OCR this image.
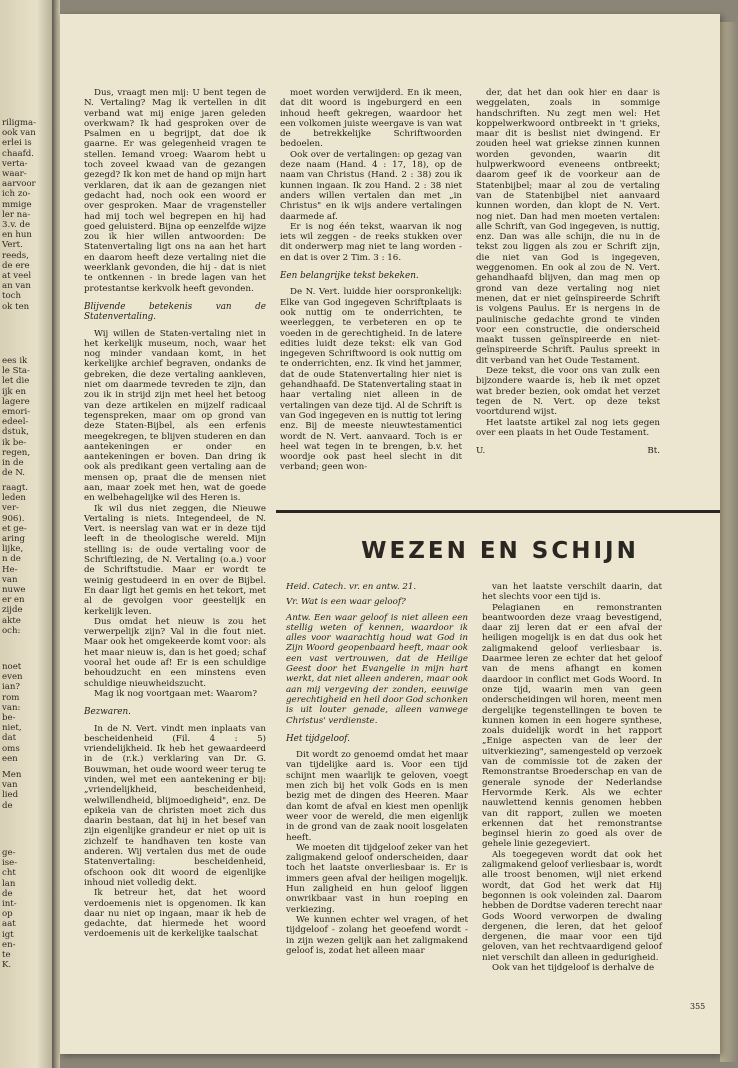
riligma-
ook van
erlei is
chaafd.
verta-
waar-
aarvoor
ich zo-
mmige
ler na-
3.v. de
en hun
Vert.
reeds,
de ere
at veel
an van
toch
ok ten
ees ik
le Sta-
let die
ijk en
lagere
emori-
edeel-
dstuk,
ik be-
regen,
in de
de N.
raagt.
leden
ver-
906).
et ge-
aring
lijke,
n de
He-
van
nuwe
er en
zijde
akte
och:
noet
even
ian?
rom
van:
be-
niet,
dat
oms
een
Men
van
lied
de
ge-
ise-
cht
lan
de
int-
op
aat
igt
en-
te
K.

Dus, vraagt men mij: U bent tegen de N. Vertaling? Mag ik vertellen in dit verband wat mij enige jaren geleden overkwam? Ik had gesproken over de Psalmen en u begrijpt, dat doe ik gaarne. Er was gelegenheid vragen te stellen. Iemand vroeg: Waarom hebt u toch zoveel kwaad van de gezangen gezegd? Ik kon met de hand op mijn hart verklaren, dat ik aan de gezangen niet gedacht had, noch ook een woord er over gesproken. Maar de vragensteller had mij toch wel begrepen en hij had goed geluisterd. Bijna op eenzelfde wijze zou ik hier willen antwoorden: De Statenvertaling ligt ons na aan het hart en daarom heeft deze vertaling niet die weerklank gevonden, die hij - dat is niet te ontkennen - in brede lagen van het protestantse kerkvolk heeft gevonden.

Blijvende betekenis van de Statenvertaling.

Wij willen de Staten-vertaling niet in het kerkelijk museum, noch, waar het nog minder vandaan komt, in het kerkelijke archief begraven, ondanks de gebreken, die deze vertaling aankleven, niet om daarmede tevreden te zijn, dan zou ik in strijd zijn met heel het betoog van deze artikelen en mijzelf radicaal tegenspreken, maar om op grond van deze Staten-Bijbel, als een erfenis meegekregen, te blijven studeren en dan aantekeningen er onder en aantekeningen er boven. Dan dring ik ook als predikant geen vertaling aan de mensen op, praat die de mensen niet aan, maar zoek met hen, wat de goede en welbehagelijke wil des Heren is.

Ik wil dus niet zeggen, die Nieuwe Vertaling is niets. Integendeel, de N. Vert. is neerslag van wat er in deze tijd leeft in de theologische wereld. Mijn stelling is: de oude vertaling voor de Schriftlezing, de N. Vertaling (o.a.) voor de Schriftstudie. Maar er wordt te weinig gestudeerd in en over de Bijbel. En daar ligt het gemis en het tekort, met al de gevolgen voor geestelijk en kerkelijk leven.

Dus omdat het nieuw is zou het verwerpelijk zijn? Val in die fout niet. Maar ook het omgekeerde komt voor: als het maar nieuw is, dan is het goed; schaf vooral het oude af! Er is een schuldige behoudzucht en een minstens even schuldige nieuwheidszucht.

Mag ik nog voortgaan met: Waarom?

Bezwaren.

In de N. Vert. vindt men inplaats van bescheidenheid (Fil. 4 : 5) vriendelijkheid. Ik heb het gewaardeerd in de (r.k.) verklaring van Dr. G. Bouwman, het oude woord weer terug te vinden, wel met een aantekening er bij: „vriendelijkheid, bescheidenheid, welwillendheid, blijmoedigheid", enz. De epikeia van de christen moet zich dus daarin bestaan, dat hij in het besef van zijn eigenlijke grandeur er niet op uit is zichzelf te handhaven ten koste van anderen. Wij vertalen dus met de oude Statenvertaling: bescheidenheid, ofschoon ook dit woord de eigenlijke inhoud niet volledig dekt.

Ik betreur het, dat het woord verdoemenis niet is opgenomen. Ik kan daar nu niet op ingaan, maar ik heb de gedachte, dat hiermede het woord verdoemenis uit de kerkelijke taalschat

moet worden verwijderd. En ik meen, dat dit woord is ingeburgerd en een inhoud heeft gekregen, waardoor het een volkomen juiste weergave is van wat de betrekkelijke Schriftwoorden bedoelen.

Ook over de vertalingen: op gezag van deze naam (Hand. 4 : 17, 18), op de naam van Christus (Hand. 2 : 38) zou ik kunnen ingaan. Ik zou Hand. 2 : 38 niet anders willen vertalen dan met „in Christus" en ik wijs andere vertalingen daarmede af.

Er is nog één tekst, waarvan ik nog iets wil zeggen - de reeks stukken over dit onderwerp mag niet te lang worden - en dat is over 2 Tim. 3 : 16.

Een belangrijke tekst bekeken.

De N. Vert. luidde hier oorspronkelijk: Elke van God ingegeven Schriftplaats is ook nuttig om te onderrichten, te weerleggen, te verbeteren en op te voeden in de gerechtigheid. In de latere edities luidt deze tekst: elk van God ingegeven Schriftwoord is ook nuttig om te onderrichten, enz. Ik vind het jammer, dat de oude Statenvertaling hier niet is gehandhaafd. De Statenvertaling staat in haar vertaling niet alleen in de vertalingen van deze tijd. Al de Schrift is van God ingegeven en is nuttig tot lering enz. Bij de meeste nieuwtestamentici wordt de N. Vert. aanvaard. Toch is er heel wat tegen in te brengen, b.v. het woordje ook past heel slecht in dit verband; geen won-

der, dat het dan ook hier en daar is weggelaten, zoals in sommige handschriften. Nu zegt men wel: Het koppelwerkwoord ontbreekt in 't grieks, maar dit is beslist niet dwingend. Er zouden heel wat griekse zinnen kunnen worden gevonden, waarin dit hulpwerkwoord eveneens ontbreekt; daarom geef ik de voorkeur aan de Statenbijbel; maar al zou de vertaling van de Statenbijbel niet aanvaard kunnen worden, dan klopt de N. Vert. nog niet. Dan had men moeten vertalen: alle Schrift, van God ingegeven, is nuttig, enz. Dan was alle schijn, die nu in de tekst zou liggen als zou er Schrift zijn, die niet van God is ingegeven, weggenomen. En ook al zou de N. Vert. gehandhaafd blijven, dan mag men op grond van deze vertaling nog niet menen, dat er niet geïnspireerde Schrift is volgens Paulus. Er is nergens in de paulinische gedachte grond te vinden voor een constructie, die onderscheid maakt tussen geïnspireerde en niet-geïnspireerde Schrift. Paulus spreekt in dit verband van het Oude Testament.

Deze tekst, die voor ons van zulk een bijzondere waarde is, heb ik met opzet wat breder bezien, ook omdat het verzet tegen de N. Vert. op deze tekst voortdurend wijst.

Het laatste artikel zal nog iets gegen over een plaats in het Oude Testament.

U.	Bt.
WEZEN EN SCHIJN

Heid. Catech. vr. en antw. 21.

Vr. Wat is een waar geloof?

Antw. Een waar geloof is niet alleen een stellig weten of kennen, waardoor ik alles voor waarachtig houd wat God in Zijn Woord geopenbaard heeft, maar ook een vast vertrouwen, dat de Heilige Geest door het Evangelie in mijn hart werkt, dat niet alleen anderen, maar ook aan mij vergeving der zonden, eeuwige gerechtigheid en heil door God schonken is uit louter genade, alleen vanwege Christus' verdienste.

Het tijdgeloof.

Dit wordt zo genoemd omdat het maar van tijdelijke aard is. Voor een tijd schijnt men waarlijk te geloven, voegt men zich bij het volk Gods en is men bezig met de dingen des Heeren. Maar dan komt de afval en kiest men openlijk weer voor de wereld, die men eigenlijk in de grond van de zaak nooit losgelaten heeft.

We moeten dit tijdgeloof zeker van het zaligmakend geloof onderscheiden, daar toch het laatste onverliesbaar is. Er is immers geen afval der heiligen mogelijk. Hun zaligheid en hun geloof liggen onwrikbaar vast in hun roeping en verkiezing.

We kunnen echter wel vragen, of het tijdgeloof - zolang het geoefend wordt - in zijn wezen gelijk aan het zaligmakend geloof is, zodat het alleen maar

van het laatste verschilt daarin, dat het slechts voor een tijd is.

Pelagianen en remonstranten beantwoorden deze vraag bevestigend, daar zij leren dat er een afval der heiligen mogelijk is en dat dus ook het zaligmakend geloof verliesbaar is. Daarmee leren ze echter dat het geloof van de mens afhangt en komen daardoor in conflict met Gods Woord. In onze tijd, waarin men van geen onderscheidingen wil horen, meent men dergelijke tegenstellingen te boven te kunnen komen in een hogere synthese, zoals duidelijk wordt in het rapport „Enige aspecten van de leer der uitverkiezing", samengesteld op verzoek van de commissie tot de zaken der Remonstrantse Broederschap en van de generale synode der Nederlandse Hervormde Kerk. Als we echter nauwlettend kennis genomen hebben van dit rapport, zullen we moeten erkennen dat het remonstrantse beginsel hierin zo goed als over de gehele linie gezegeviert.

Als toegegeven wordt dat ook het zaligmakend geloof verliesbaar is, wordt alle troost benomen, wijl niet erkend wordt, dat God het werk dat Hij begonnen is ook voleinden zal. Daarom hebben de Dordtse vaderen terecht naar Gods Woord verworpen de dwaling dergenen, die leren, dat het geloof dergenen, die maar voor een tijd geloven, van het rechtvaardigend geloof niet verschilt dan alleen in gedurigheid.

Ook van het tijdgeloof is derhalve de

355
